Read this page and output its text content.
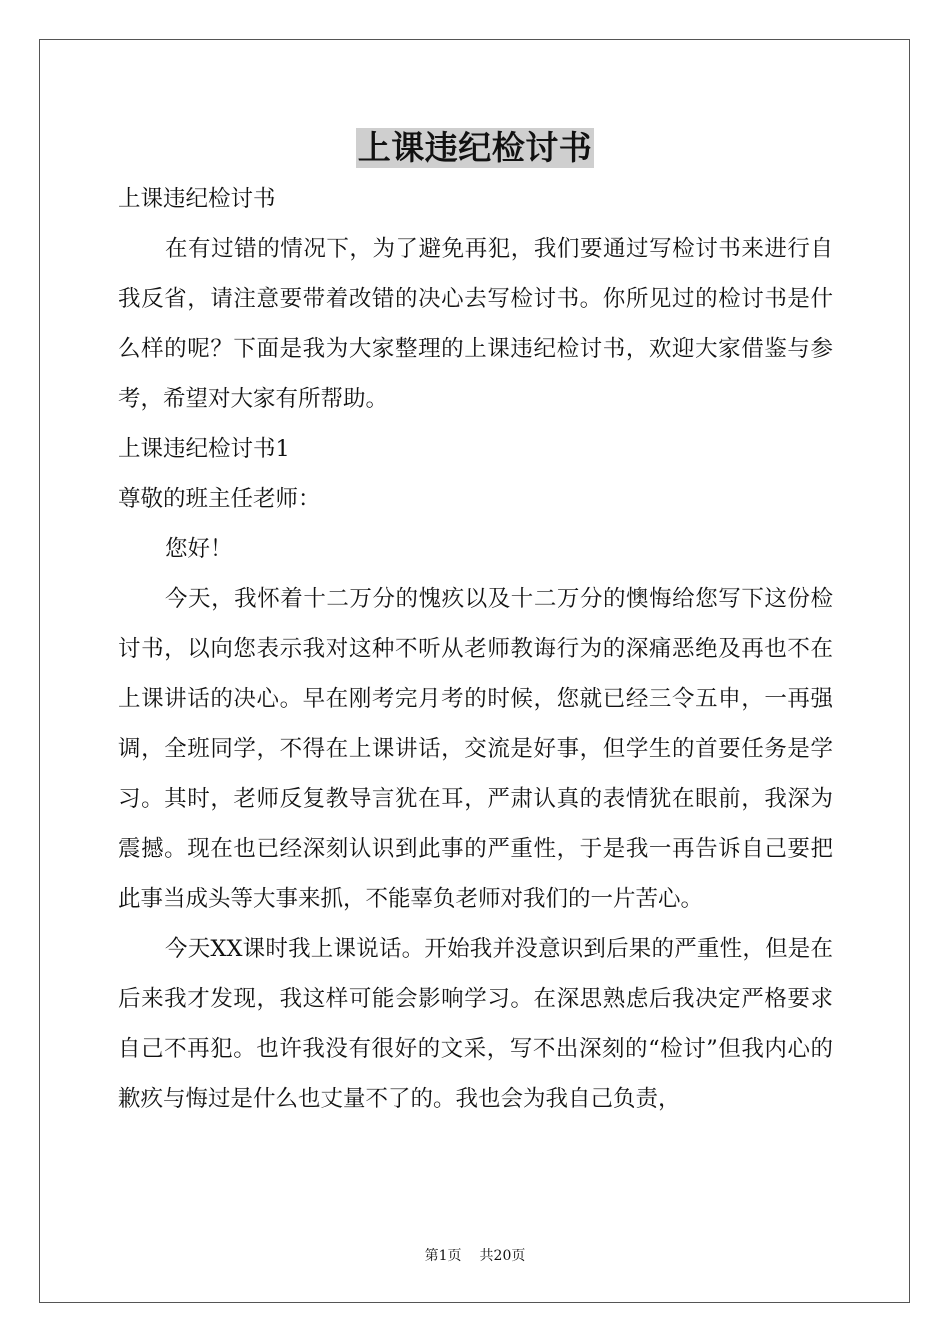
上课违纪检讨书

上课违纪检讨书

在有过错的情况下，为了避免再犯，我们要通过写检讨书来进行自我反省，请注意要带着改错的决心去写检讨书。你所见过的检讨书是什么样的呢？下面是我为大家整理的上课违纪检讨书，欢迎大家借鉴与参考，希望对大家有所帮助。

上课违纪检讨书1

尊敬的班主任老师：

您好！

今天，我怀着十二万分的愧疚以及十二万分的懊悔给您写下这份检讨书，以向您表示我对这种不听从老师教诲行为的深痛恶绝及再也不在上课讲话的决心。早在刚考完月考的时候，您就已经三令五申，一再强调，全班同学，不得在上课讲话，交流是好事，但学生的首要任务是学习。其时，老师反复教导言犹在耳，严肃认真的表情犹在眼前，我深为震撼。现在也已经深刻认识到此事的严重性，于是我一再告诉自己要把此事当成头等大事来抓，不能辜负老师对我们的一片苦心。

今天XX课时我上课说话。开始我并没意识到后果的严重性，但是在后来我才发现，我这样可能会影响学习。在深思熟虑后我决定严格要求自己不再犯。也许我没有很好的文采，写不出深刻的“检讨”但我内心的歉疚与悔过是什么也丈量不了的。我也会为我自己负责，

第1页 共20页
